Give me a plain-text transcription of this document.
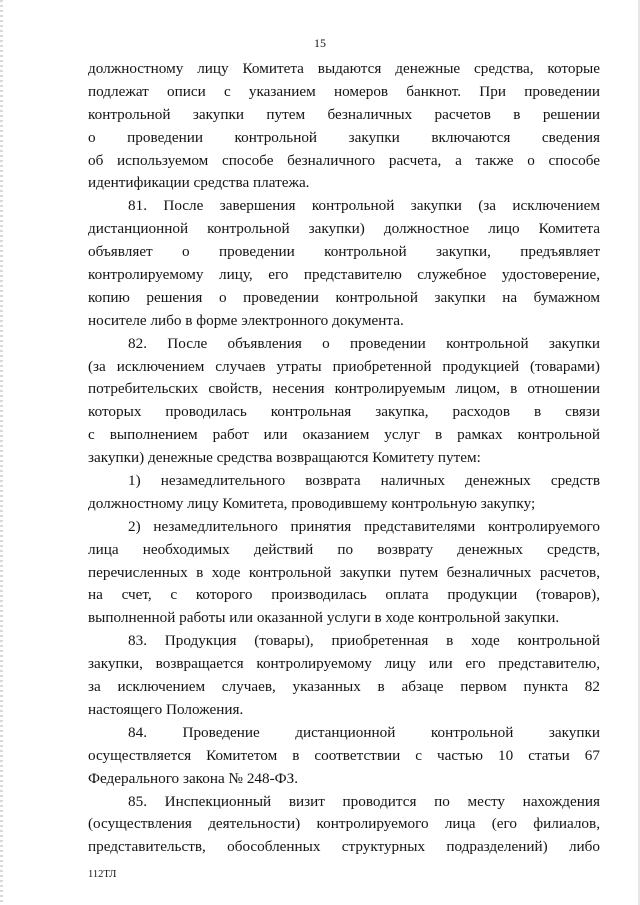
15
должностному лицу Комитета выдаются денежные средства, которые
подлежат описи с указанием номеров банкнот. При проведении
контрольной закупки путем безналичных расчетов в решении
о проведении контрольной закупки включаются сведения
об используемом способе безналичного расчета, а также о способе
идентификации средства платежа.
81. После завершения контрольной закупки (за исключением
дистанционной контрольной закупки) должностное лицо Комитета
объявляет о проведении контрольной закупки, предъявляет
контролируемому лицу, его представителю служебное удостоверение,
копию решения о проведении контрольной закупки на бумажном
носителе либо в форме электронного документа.
82. После объявления о проведении контрольной закупки
(за исключением случаев утраты приобретенной продукцией (товарами)
потребительских свойств, несения контролируемым лицом, в отношении
которых проводилась контрольная закупка, расходов в связи
с выполнением работ или оказанием услуг в рамках контрольной
закупки) денежные средства возвращаются Комитету путем:
1) незамедлительного возврата наличных денежных средств
должностному лицу Комитета, проводившему контрольную закупку;
2) незамедлительного принятия представителями контролируемого
лица необходимых действий по возврату денежных средств,
перечисленных в ходе контрольной закупки путем безналичных расчетов,
на счет, с которого производилась оплата продукции (товаров),
выполненной работы или оказанной услуги в ходе контрольной закупки.
83. Продукция (товары), приобретенная в ходе контрольной
закупки, возвращается контролируемому лицу или его представителю,
за исключением случаев, указанных в абзаце первом пункта 82
настоящего Положения.
84. Проведение дистанционной контрольной закупки
осуществляется Комитетом в соответствии с частью 10 статьи 67
Федерального закона № 248-ФЗ.
85. Инспекционный визит проводится по месту нахождения
(осуществления деятельности) контролируемого лица (его филиалов,
представительств, обособленных структурных подразделений) либо
112ТЛ
